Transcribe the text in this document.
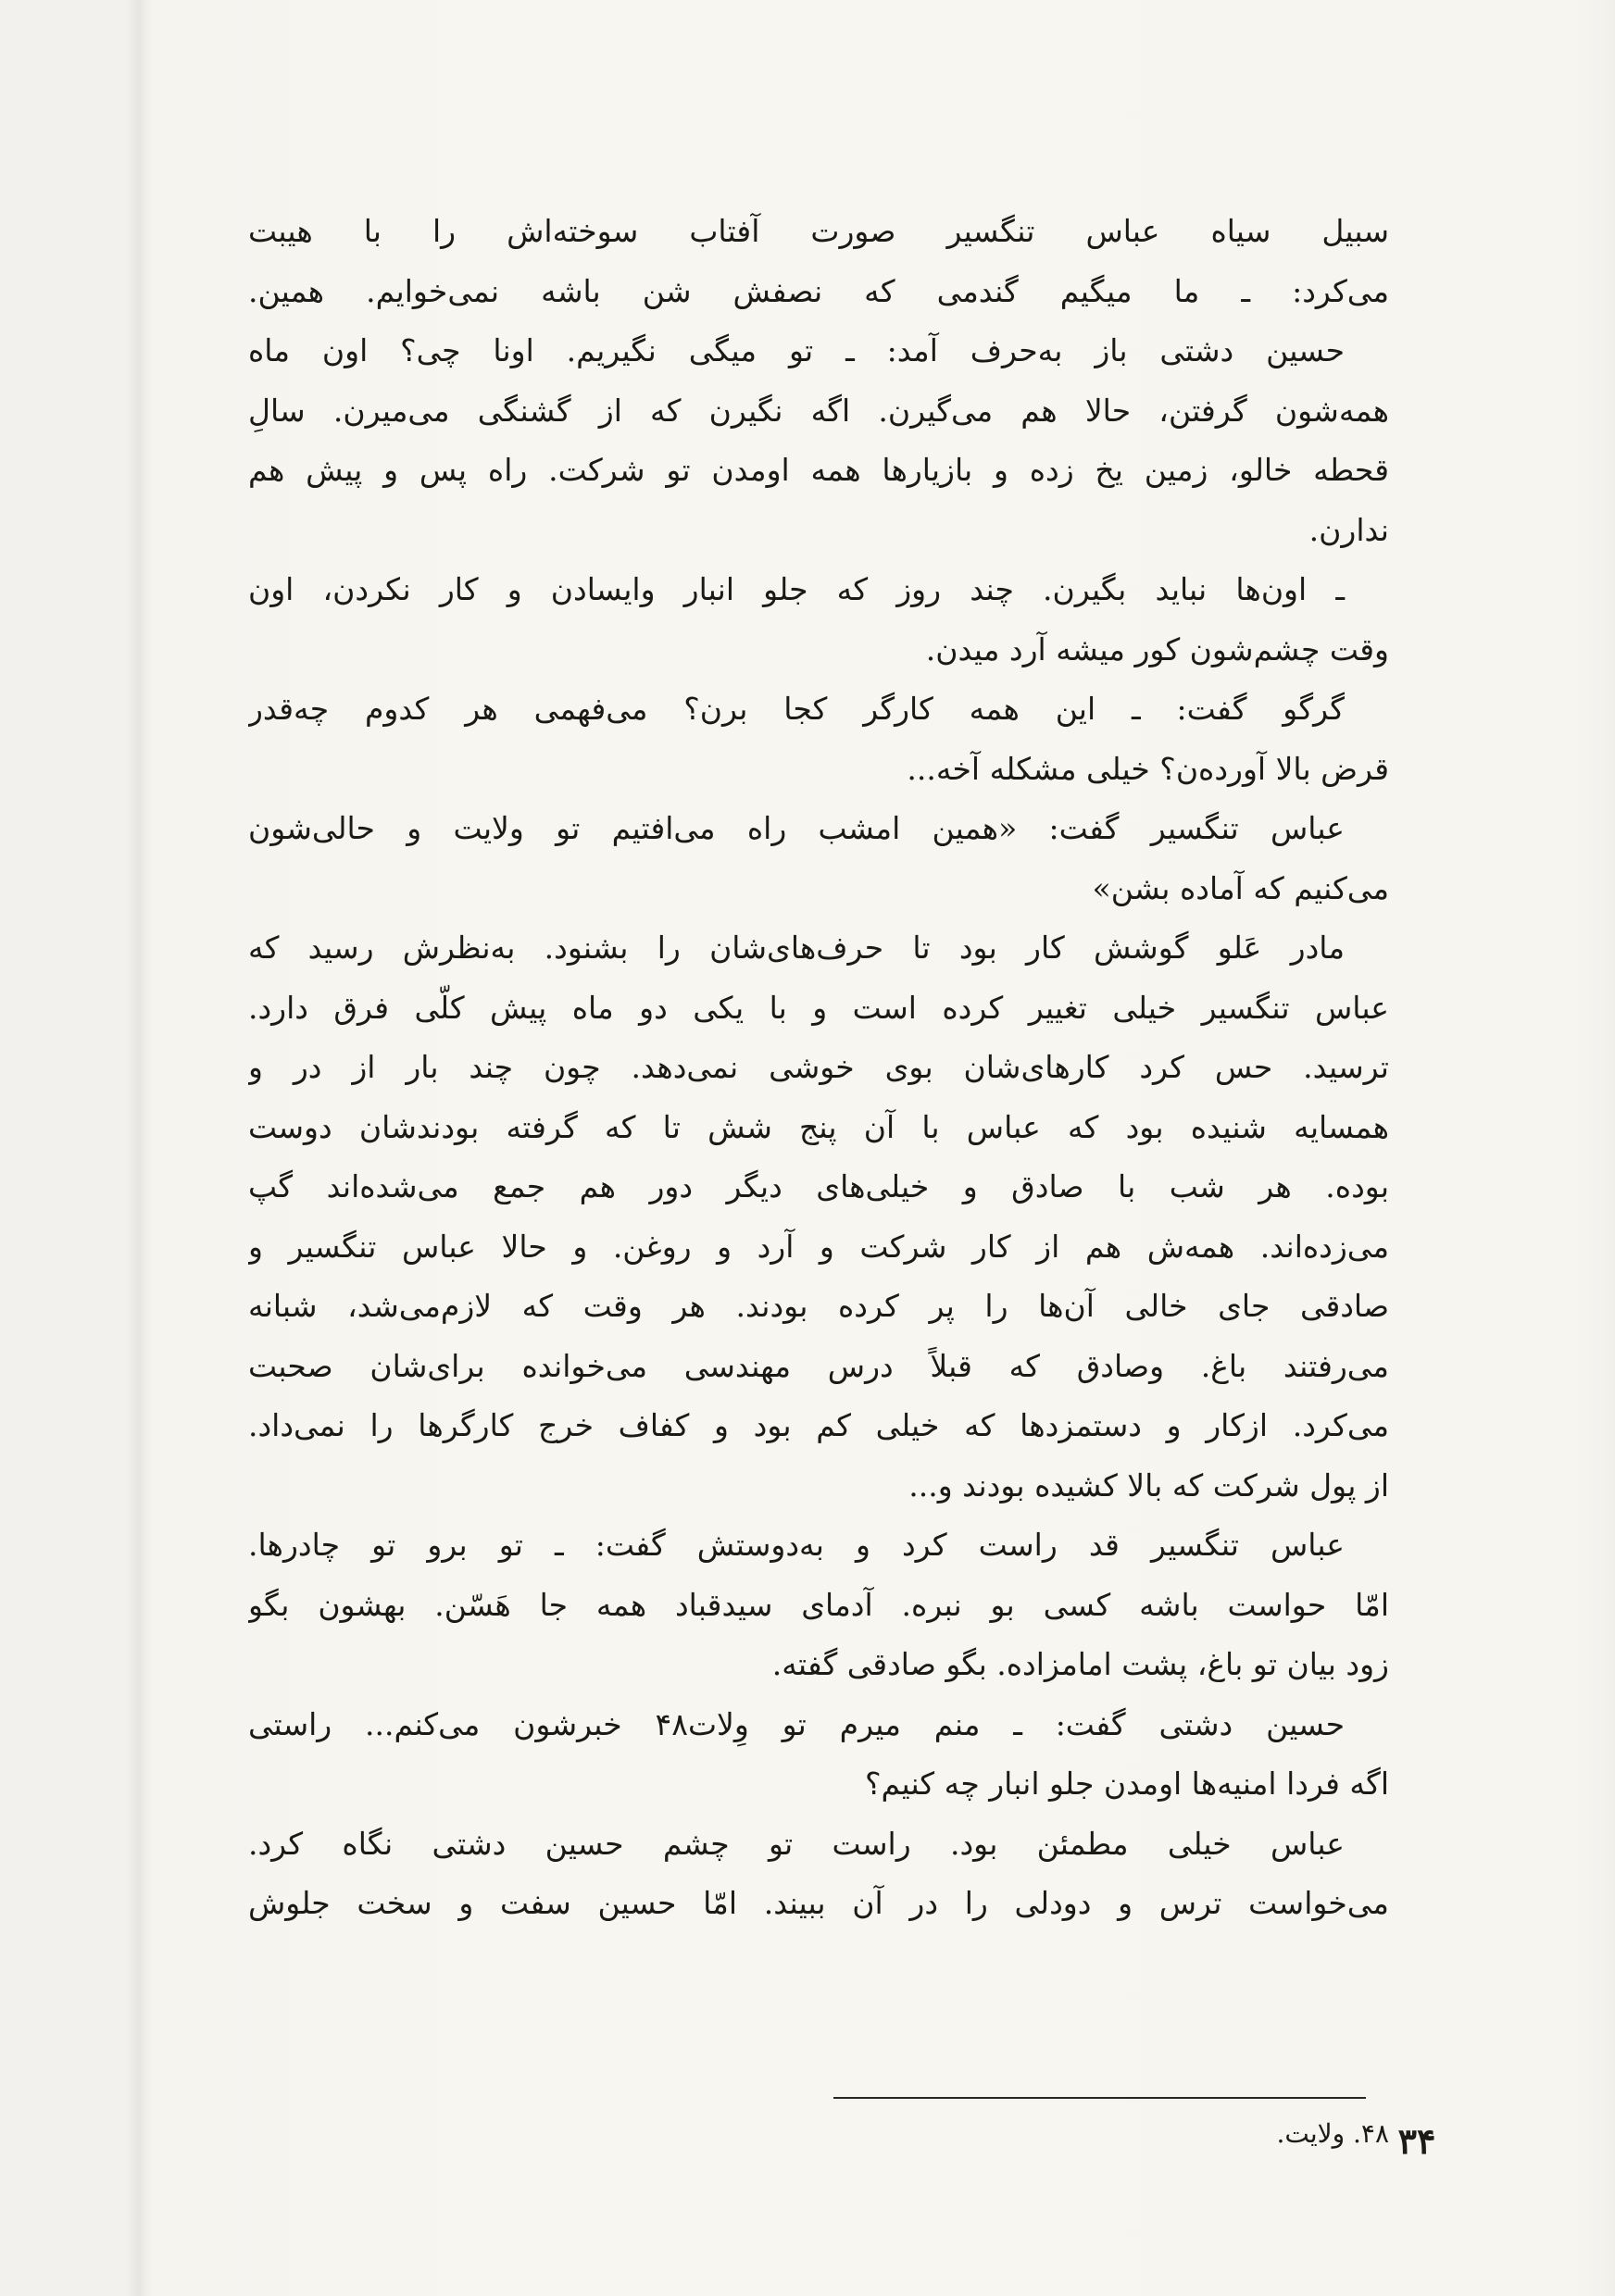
سبیل سیاه عباس تنگسیر صورت آفتاب سوخته‌اش را با هیبت
می‌کرد: ـ ما میگیم گندمی که نصفش شن باشه نمی‌خوایم. همین.
حسین دشتی باز به‌حرف آمد: ـ تو میگی نگیریم. اونا چی؟ اون ماه
همه‌شون گرفتن، حالا هم می‌گیرن. اگه نگیرن که از گشنگی می‌میرن. سالِ
قحطه خالو، زمین یخ زده و بازیارها همه اومدن تو شرکت. راه پس و پیش هم
ندارن.
ـ اون‌ها نباید بگیرن. چند روز که جلو انبار وایسادن و کار نکردن، اون
وقت چشم‌شون کور میشه آرد میدن.
گرگو گفت: ـ این همه کارگر کجا برن؟ می‌فهمی هر کدوم چه‌قدر
قرض بالا آورده‌ن؟ خیلی مشکله آخه...
عباس تنگسیر گفت: «همین امشب راه می‌افتیم تو ولایت و حالی‌شون
می‌کنیم که آماده بشن»
مادر عَلو گوشش کار بود تا حرف‌های‌شان را بشنود. به‌نظرش رسید که
عباس تنگسیر خیلی تغییر کرده است و با یکی دو ماه پیش کلّی فرق دارد.
ترسید. حس کرد کارهای‌شان بوی خوشی نمی‌دهد. چون چند بار از در و
همسایه شنیده بود که عباس با آن پنج شش تا که گرفته بودندشان دوست
بوده. هر شب با صادق و خیلی‌های دیگر دور هم جمع می‌شده‌اند گپ
می‌زده‌اند. همه‌ش هم از کار شرکت و آرد و روغن. و حالا عباس تنگسیر و
صادقی جای خالی آن‌ها را پر کرده بودند. هر وقت که لازم‌می‌شد، شبانه
می‌رفتند باغ. وصادق که قبلاً درس مهندسی می‌خوانده برای‌شان صحبت
می‌کرد. ازکار و دستمزدها که خیلی کم بود و کفاف خرج کارگرها را نمی‌داد.
از پول شرکت که بالا کشیده بودند و...
عباس تنگسیر قد راست کرد و به‌دوستش گفت: ـ تو برو تو چادرها.
امّا حواست باشه کسی بو نبره. آدمای سیدقباد همه جا هَسّن. بهشون بگو
زود بیان تو باغ، پشت امامزاده. بگو صادقی گفته.
حسین دشتی گفت: ـ منم میرم تو وِلات۴۸ خبرشون می‌کنم... راستی
اگه فردا امنیه‌ها اومدن جلو انبار چه کنیم؟
عباس خیلی مطمئن بود. راست تو چشم حسین دشتی نگاه کرد.
می‌خواست ترس و دودلی را در آن ببیند. امّا حسین سفت و سخت جلوش
۴۸. ولایت. ۳۴
